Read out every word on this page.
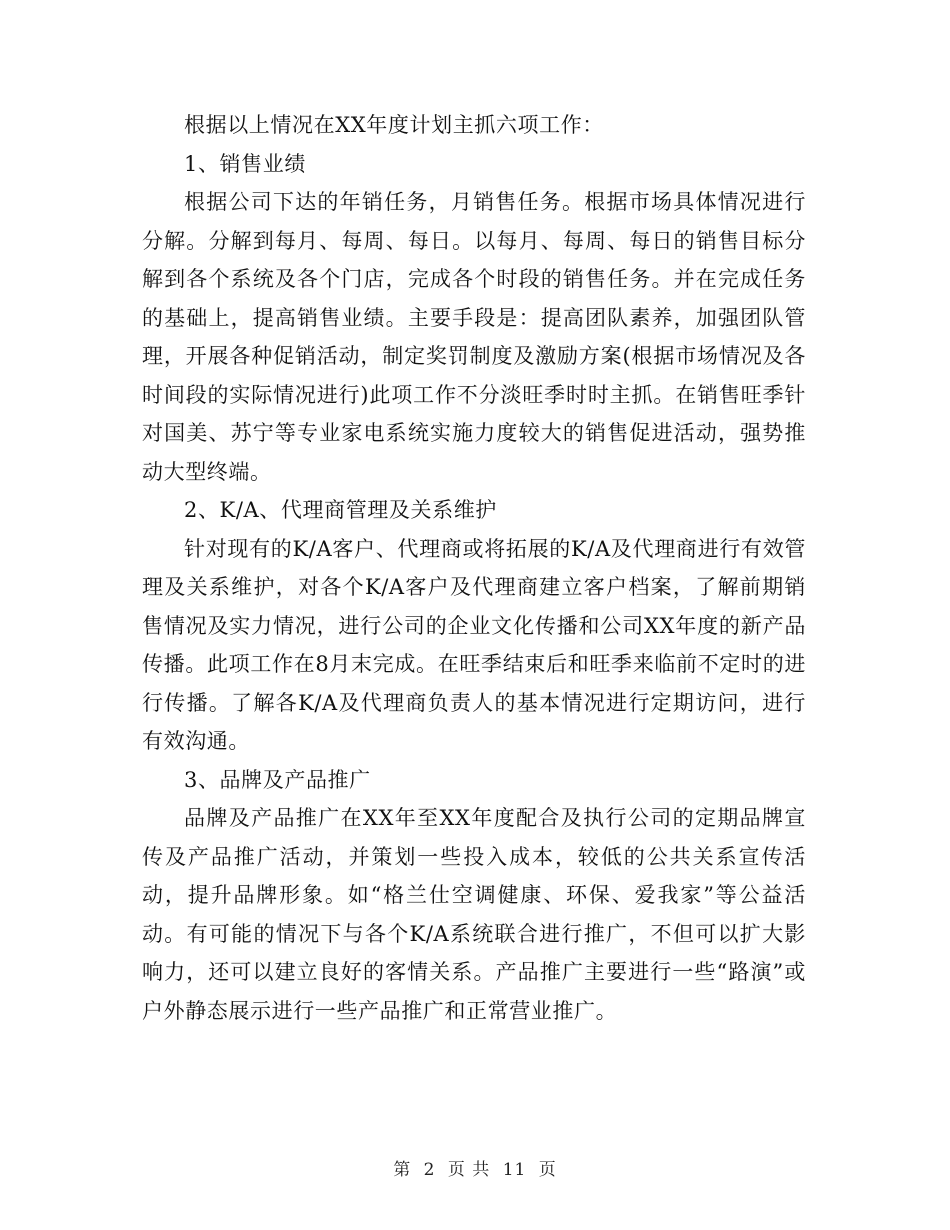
根据以上情况在XX年度计划主抓六项工作：

1、销售业绩

根据公司下达的年销任务，月销售任务。根据市场具体情况进行分解。分解到每月、每周、每日。以每月、每周、每日的销售目标分解到各个系统及各个门店，完成各个时段的销售任务。并在完成任务的基础上，提高销售业绩。主要手段是：提高团队素养，加强团队管理，开展各种促销活动，制定奖罚制度及激励方案(根据市场情况及各时间段的实际情况进行)此项工作不分淡旺季时时主抓。在销售旺季针对国美、苏宁等专业家电系统实施力度较大的销售促进活动，强势推动大型终端。

2、K/A、代理商管理及关系维护

针对现有的K/A客户、代理商或将拓展的K/A及代理商进行有效管理及关系维护，对各个K/A客户及代理商建立客户档案，了解前期销售情况及实力情况，进行公司的企业文化传播和公司XX年度的新产品传播。此项工作在8月末完成。在旺季结束后和旺季来临前不定时的进行传播。了解各K/A及代理商负责人的基本情况进行定期访问，进行有效沟通。

3、品牌及产品推广

品牌及产品推广在XX年至XX年度配合及执行公司的定期品牌宣传及产品推广活动，并策划一些投入成本，较低的公共关系宣传活动，提升品牌形象。如“格兰仕空调健康、环保、爱我家”等公益活动。有可能的情况下与各个K/A系统联合进行推广，不但可以扩大影响力，还可以建立良好的客情关系。产品推广主要进行一些“路演”或户外静态展示进行一些产品推广和正常营业推广。

第 2 页 共 11 页
